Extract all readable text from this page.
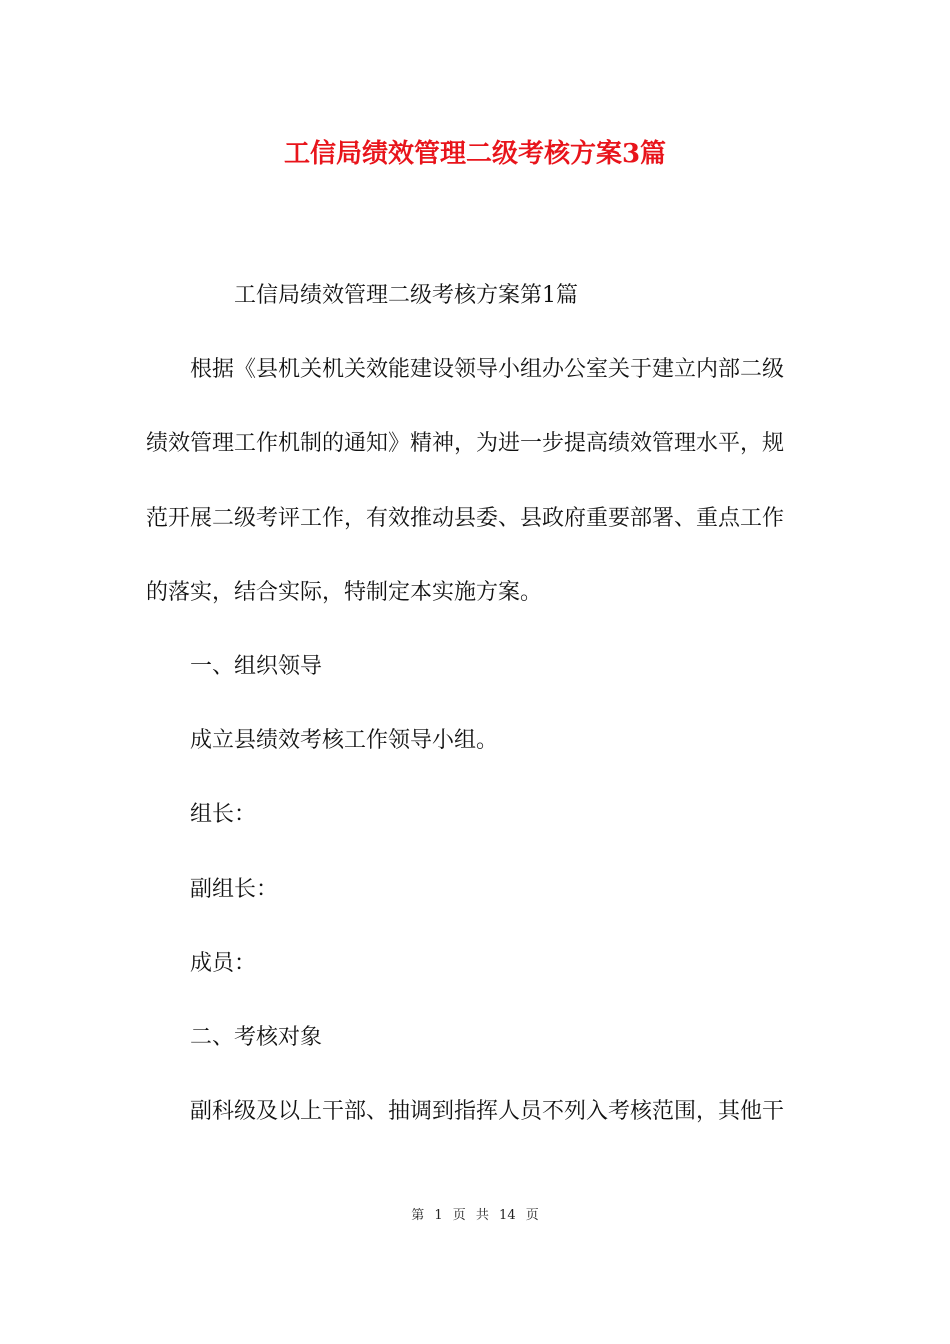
工信局绩效管理二级考核方案3篇

工信局绩效管理二级考核方案第1篇

根据《县机关机关效能建设领导小组办公室关于建立内部二级

绩效管理工作机制的通知》精神，为进一步提高绩效管理水平，规

范开展二级考评工作，有效推动县委、县政府重要部署、重点工作

的落实，结合实际，特制定本实施方案。

一、组织领导

成立县绩效考核工作领导小组。

组长：

副组长：

成员：

二、考核对象

副科级及以上干部、抽调到指挥人员不列入考核范围，其他干

第 1 页 共 14 页
